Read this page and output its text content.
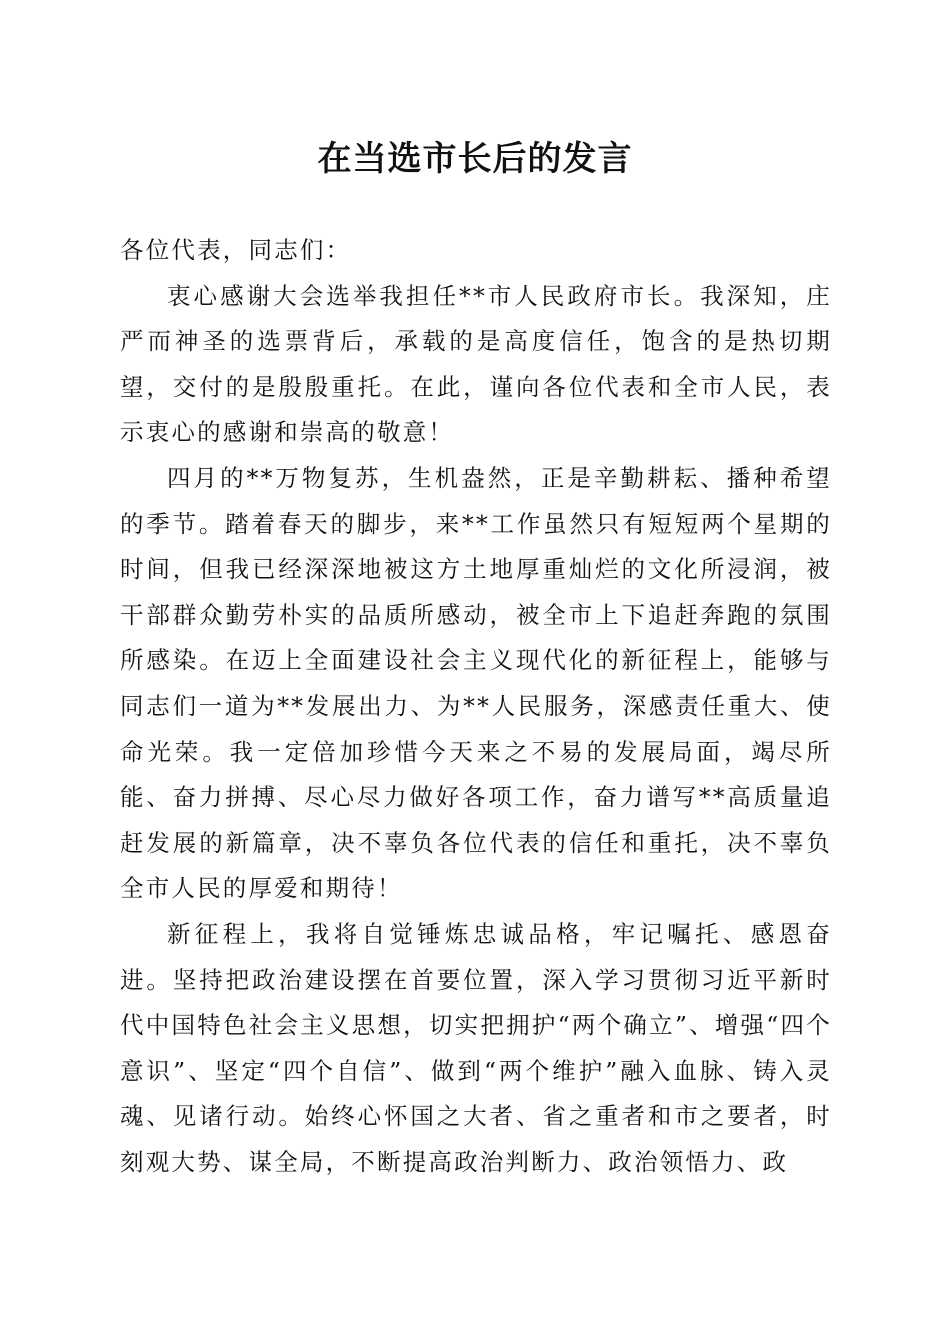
在当选市长后的发言

各位代表，同志们：

衷心感谢大会选举我担任**市人民政府市长。我深知，庄严而神圣的选票背后，承载的是高度信任，饱含的是热切期望，交付的是殷殷重托。在此，谨向各位代表和全市人民，表示衷心的感谢和崇高的敬意！

四月的**万物复苏，生机盎然，正是辛勤耕耘、播种希望的季节。踏着春天的脚步，来**工作虽然只有短短两个星期的时间，但我已经深深地被这方土地厚重灿烂的文化所浸润，被干部群众勤劳朴实的品质所感动，被全市上下追赶奔跑的氛围所感染。在迈上全面建设社会主义现代化的新征程上，能够与同志们一道为**发展出力、为**人民服务，深感责任重大、使命光荣。我一定倍加珍惜今天来之不易的发展局面，竭尽所能、奋力拼搏、尽心尽力做好各项工作，奋力谱写**高质量追赶发展的新篇章，决不辜负各位代表的信任和重托，决不辜负全市人民的厚爱和期待！

新征程上，我将自觉锤炼忠诚品格，牢记嘱托、感恩奋进。坚持把政治建设摆在首要位置，深入学习贯彻习近平新时代中国特色社会主义思想，切实把拥护“两个确立”、增强“四个意识”、坚定“四个自信”、做到“两个维护”融入血脉、铸入灵魂、见诸行动。始终心怀国之大者、省之重者和市之要者，时刻观大势、谋全局，不断提高政治判断力、政治领悟力、政
